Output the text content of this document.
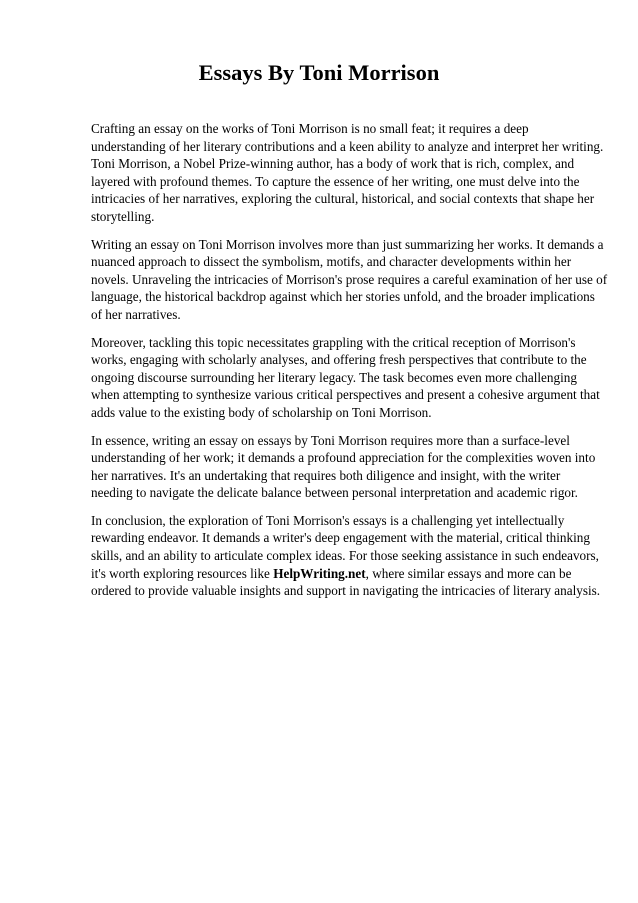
Essays By Toni Morrison

Crafting an essay on the works of Toni Morrison is no small feat; it requires a deep
understanding of her literary contributions and a keen ability to analyze and interpret her writing.
Toni Morrison, a Nobel Prize-winning author, has a body of work that is rich, complex, and
layered with profound themes. To capture the essence of her writing, one must delve into the
intricacies of her narratives, exploring the cultural, historical, and social contexts that shape her
storytelling.

Writing an essay on Toni Morrison involves more than just summarizing her works. It demands a
nuanced approach to dissect the symbolism, motifs, and character developments within her
novels. Unraveling the intricacies of Morrison's prose requires a careful examination of her use of
language, the historical backdrop against which her stories unfold, and the broader implications
of her narratives.

Moreover, tackling this topic necessitates grappling with the critical reception of Morrison's
works, engaging with scholarly analyses, and offering fresh perspectives that contribute to the
ongoing discourse surrounding her literary legacy. The task becomes even more challenging
when attempting to synthesize various critical perspectives and present a cohesive argument that
adds value to the existing body of scholarship on Toni Morrison.

In essence, writing an essay on essays by Toni Morrison requires more than a surface-level
understanding of her work; it demands a profound appreciation for the complexities woven into
her narratives. It's an undertaking that requires both diligence and insight, with the writer
needing to navigate the delicate balance between personal interpretation and academic rigor.

In conclusion, the exploration of Toni Morrison's essays is a challenging yet intellectually
rewarding endeavor. It demands a writer's deep engagement with the material, critical thinking
skills, and an ability to articulate complex ideas. For those seeking assistance in such endeavors,
it's worth exploring resources like HelpWriting.net, where similar essays and more can be
ordered to provide valuable insights and support in navigating the intricacies of literary analysis.
